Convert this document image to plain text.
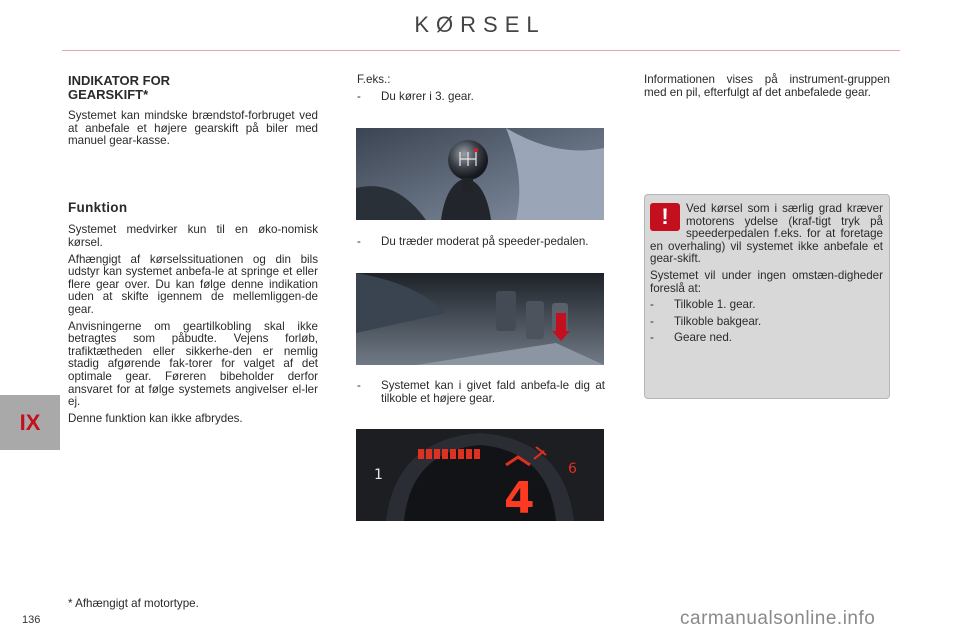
KØRSEL
IX
136
INDIKATOR FOR GEARSKIFT*

Systemet kan mindske brændstof-forbruget ved at anbefale et højere gearskift på biler med manuel gear-kasse.

Funktion

Systemet medvirker kun til en øko-nomisk kørsel.

Afhængigt af kørselssituationen og din bils udstyr kan systemet anbefa-le at springe et eller flere gear over. Du kan følge denne indikation uden at skifte igennem de mellemliggen-de gear.

Anvisningerne om geartilkobling skal ikke betragtes som påbudte. Vejens forløb, trafiktætheden eller sikkerhe-den er nemlig stadig afgørende fak-torer for valget af det optimale gear. Føreren bibeholder derfor ansvaret for at følge systemets angivelser el-ler ej.

Denne funktion kan ikke afbrydes.

F.eks.:

-	Du kører i 3. gear.
-	Du træder moderat på speeder-pedalen.
-	Systemet kan i givet fald anbefa-le dig at tilkoble et højere gear.
4
1	6

Informationen vises på instrument-gruppen med en pil, efterfulgt af det anbefalede gear.

!	Ved kørsel som i særlig grad kræver motorens ydelse (kraf-tigt tryk på speederpedalen f.eks. for at foretage en overhaling) vil systemet ikke anbefale et gear-skift.

Systemet vil under ingen omstæn-digheder foreslå at:

-	Tilkoble 1. gear.
-	Tilkoble bakgear.
-	Geare ned.
* Afhængigt af motortype.
carmanualsonline.info
